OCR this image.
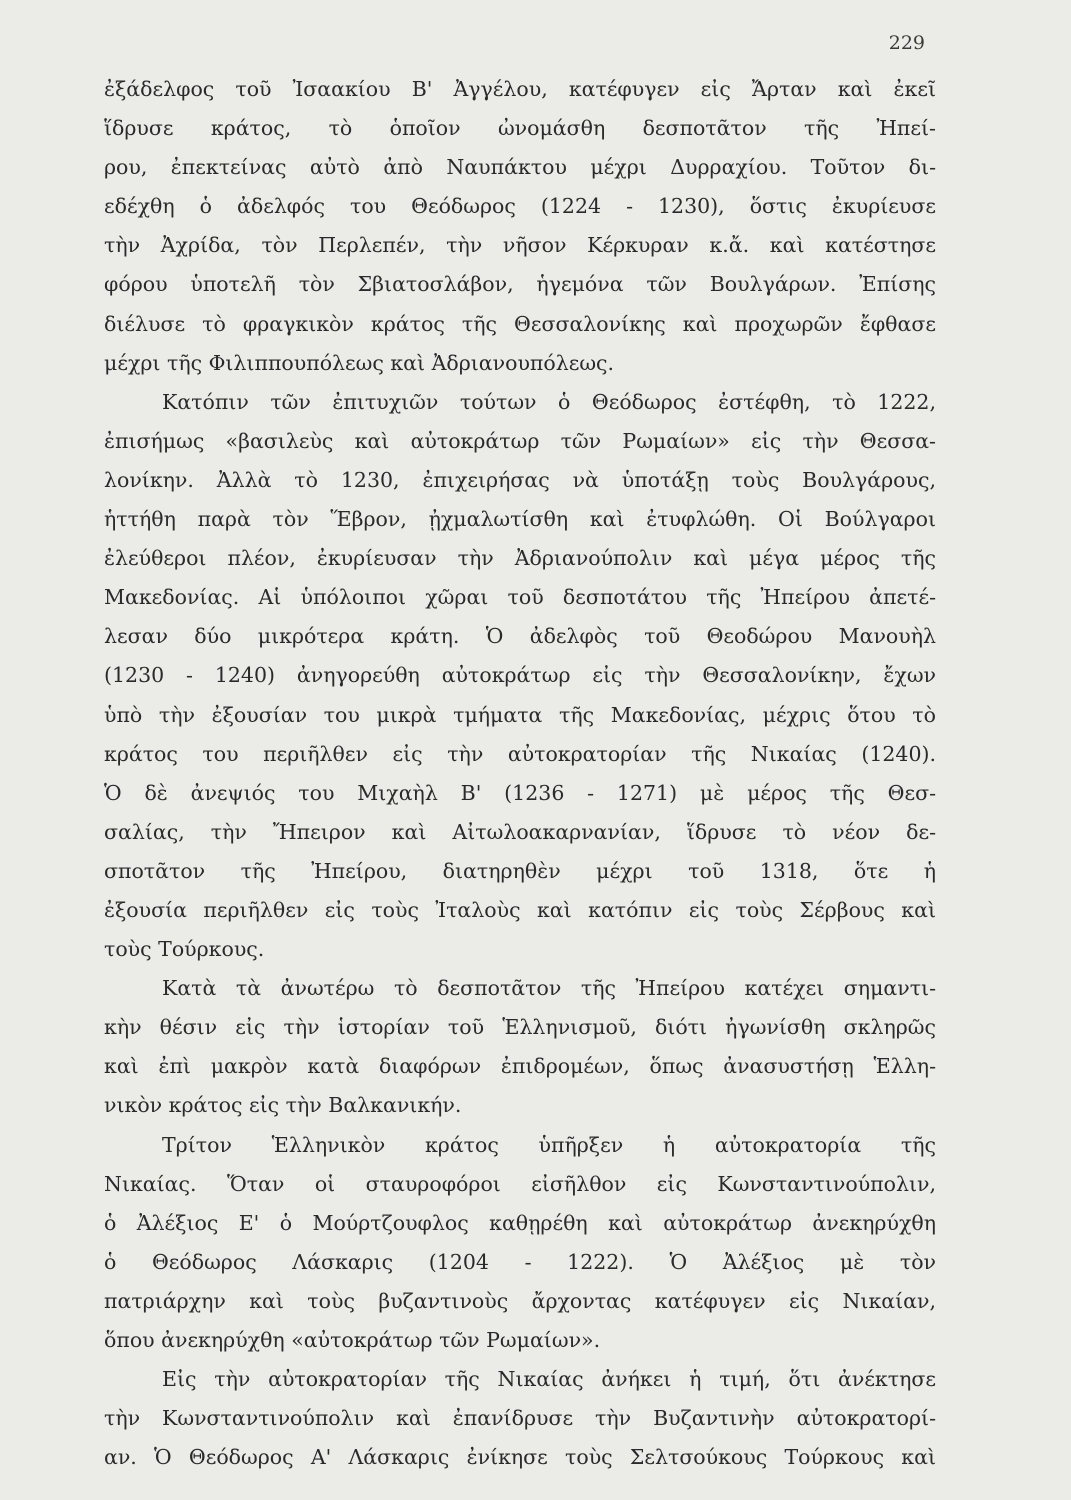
229
ἐξάδελφος τοῦ Ἰσαακίου Β' Ἀγγέλου, κατέφυγεν εἰς Ἄρταν καὶ ἐκεῖ
ἵδρυσε κράτος, τὸ ὁποῖον ὠνομάσθη δεσποτᾶτον τῆς Ἠπεί-
ρου, ἐπεκτείνας αὐτὸ ἀπὸ Ναυπάκτου μέχρι Δυρραχίου. Τοῦτον δι-
εδέχθη ὁ ἀδελφός του Θεόδωρος (1224 - 1230), ὅστις ἐκυρίευσε
τὴν Ἀχρίδα, τὸν Περλεπέν, τὴν νῆσον Κέρκυραν κ.ἄ. καὶ κατέστησε
φόρου ὑποτελῆ τὸν Σβιατοσλάβον, ἡγεμόνα τῶν Βουλγάρων. Ἐπίσης
διέλυσε τὸ φραγκικὸν κράτος τῆς Θεσσαλονίκης καὶ προχωρῶν ἔφθασε
μέχρι τῆς Φιλιππουπόλεως καὶ Ἀδριανουπόλεως.
Κατόπιν τῶν ἐπιτυχιῶν τούτων ὁ Θεόδωρος ἐστέφθη, τὸ 1222,
ἐπισήμως «βασιλεὺς καὶ αὐτοκράτωρ τῶν Ρωμαίων» εἰς τὴν Θεσσα-
λονίκην. Ἀλλὰ τὸ 1230, ἐπιχειρήσας νὰ ὑποτάξῃ τοὺς Βουλγάρους,
ἡττήθη παρὰ τὸν Ἕβρον, ᾐχμαλωτίσθη καὶ ἐτυφλώθη. Οἱ Βούλγαροι
ἐλεύθεροι πλέον, ἐκυρίευσαν τὴν Ἀδριανούπολιν καὶ μέγα μέρος τῆς
Μακεδονίας. Αἱ ὑπόλοιποι χῶραι τοῦ δεσποτάτου τῆς Ἠπείρου ἀπετέ-
λεσαν δύο μικρότερα κράτη. Ὁ ἀδελφὸς τοῦ Θεοδώρου Μανουὴλ
(1230 - 1240) ἀνηγορεύθη αὐτοκράτωρ εἰς τὴν Θεσσαλονίκην, ἔχων
ὑπὸ τὴν ἐξουσίαν του μικρὰ τμήματα τῆς Μακεδονίας, μέχρις ὅτου τὸ
κράτος του περιῆλθεν εἰς τὴν αὐτοκρατορίαν τῆς Νικαίας (1240).
Ὁ δὲ ἀνεψιός του Μιχαὴλ Β' (1236 - 1271) μὲ μέρος τῆς Θεσ-
σαλίας, τὴν Ἤπειρον καὶ Αἰτωλοακαρνανίαν, ἵδρυσε τὸ νέον δε-
σποτᾶτον τῆς Ἠπείρου, διατηρηθὲν μέχρι τοῦ 1318, ὅτε ἡ
ἐξουσία περιῆλθεν εἰς τοὺς Ἰταλοὺς καὶ κατόπιν εἰς τοὺς Σέρβους καὶ
τοὺς Τούρκους.
Κατὰ τὰ ἀνωτέρω τὸ δεσποτᾶτον τῆς Ἠπείρου κατέχει σημαντι-
κὴν θέσιν εἰς τὴν ἱστορίαν τοῦ Ἑλληνισμοῦ, διότι ἠγωνίσθη σκληρῶς
καὶ ἐπὶ μακρὸν κατὰ διαφόρων ἐπιδρομέων, ὅπως ἀνασυστήσῃ Ἑλλη-
νικὸν κράτος εἰς τὴν Βαλκανικήν.
Τρίτον Ἑλληνικὸν κράτος ὑπῆρξεν ἡ αὐτοκρατορία τῆς
Νικαίας. Ὅταν οἱ σταυροφόροι εἰσῆλθον εἰς Κωνσταντινούπολιν,
ὁ Ἀλέξιος Ε' ὁ Μούρτζουφλος καθῃρέθη καὶ αὐτοκράτωρ ἀνεκηρύχθη
ὁ Θεόδωρος Λάσκαρις (1204 - 1222). Ὁ Ἀλέξιος μὲ τὸν
πατριάρχην καὶ τοὺς βυζαντινοὺς ἄρχοντας κατέφυγεν εἰς Νικαίαν,
ὅπου ἀνεκηρύχθη «αὐτοκράτωρ τῶν Ρωμαίων».
Εἰς τὴν αὐτοκρατορίαν τῆς Νικαίας ἀνήκει ἡ τιμή, ὅτι ἀνέκτησε
τὴν Κωνσταντινούπολιν καὶ ἐπανίδρυσε τὴν Βυζαντινὴν αὐτοκρατορί-
αν. Ὁ Θεόδωρος Α' Λάσκαρις ἐνίκησε τοὺς Σελτσούκους Τούρκους καὶ
